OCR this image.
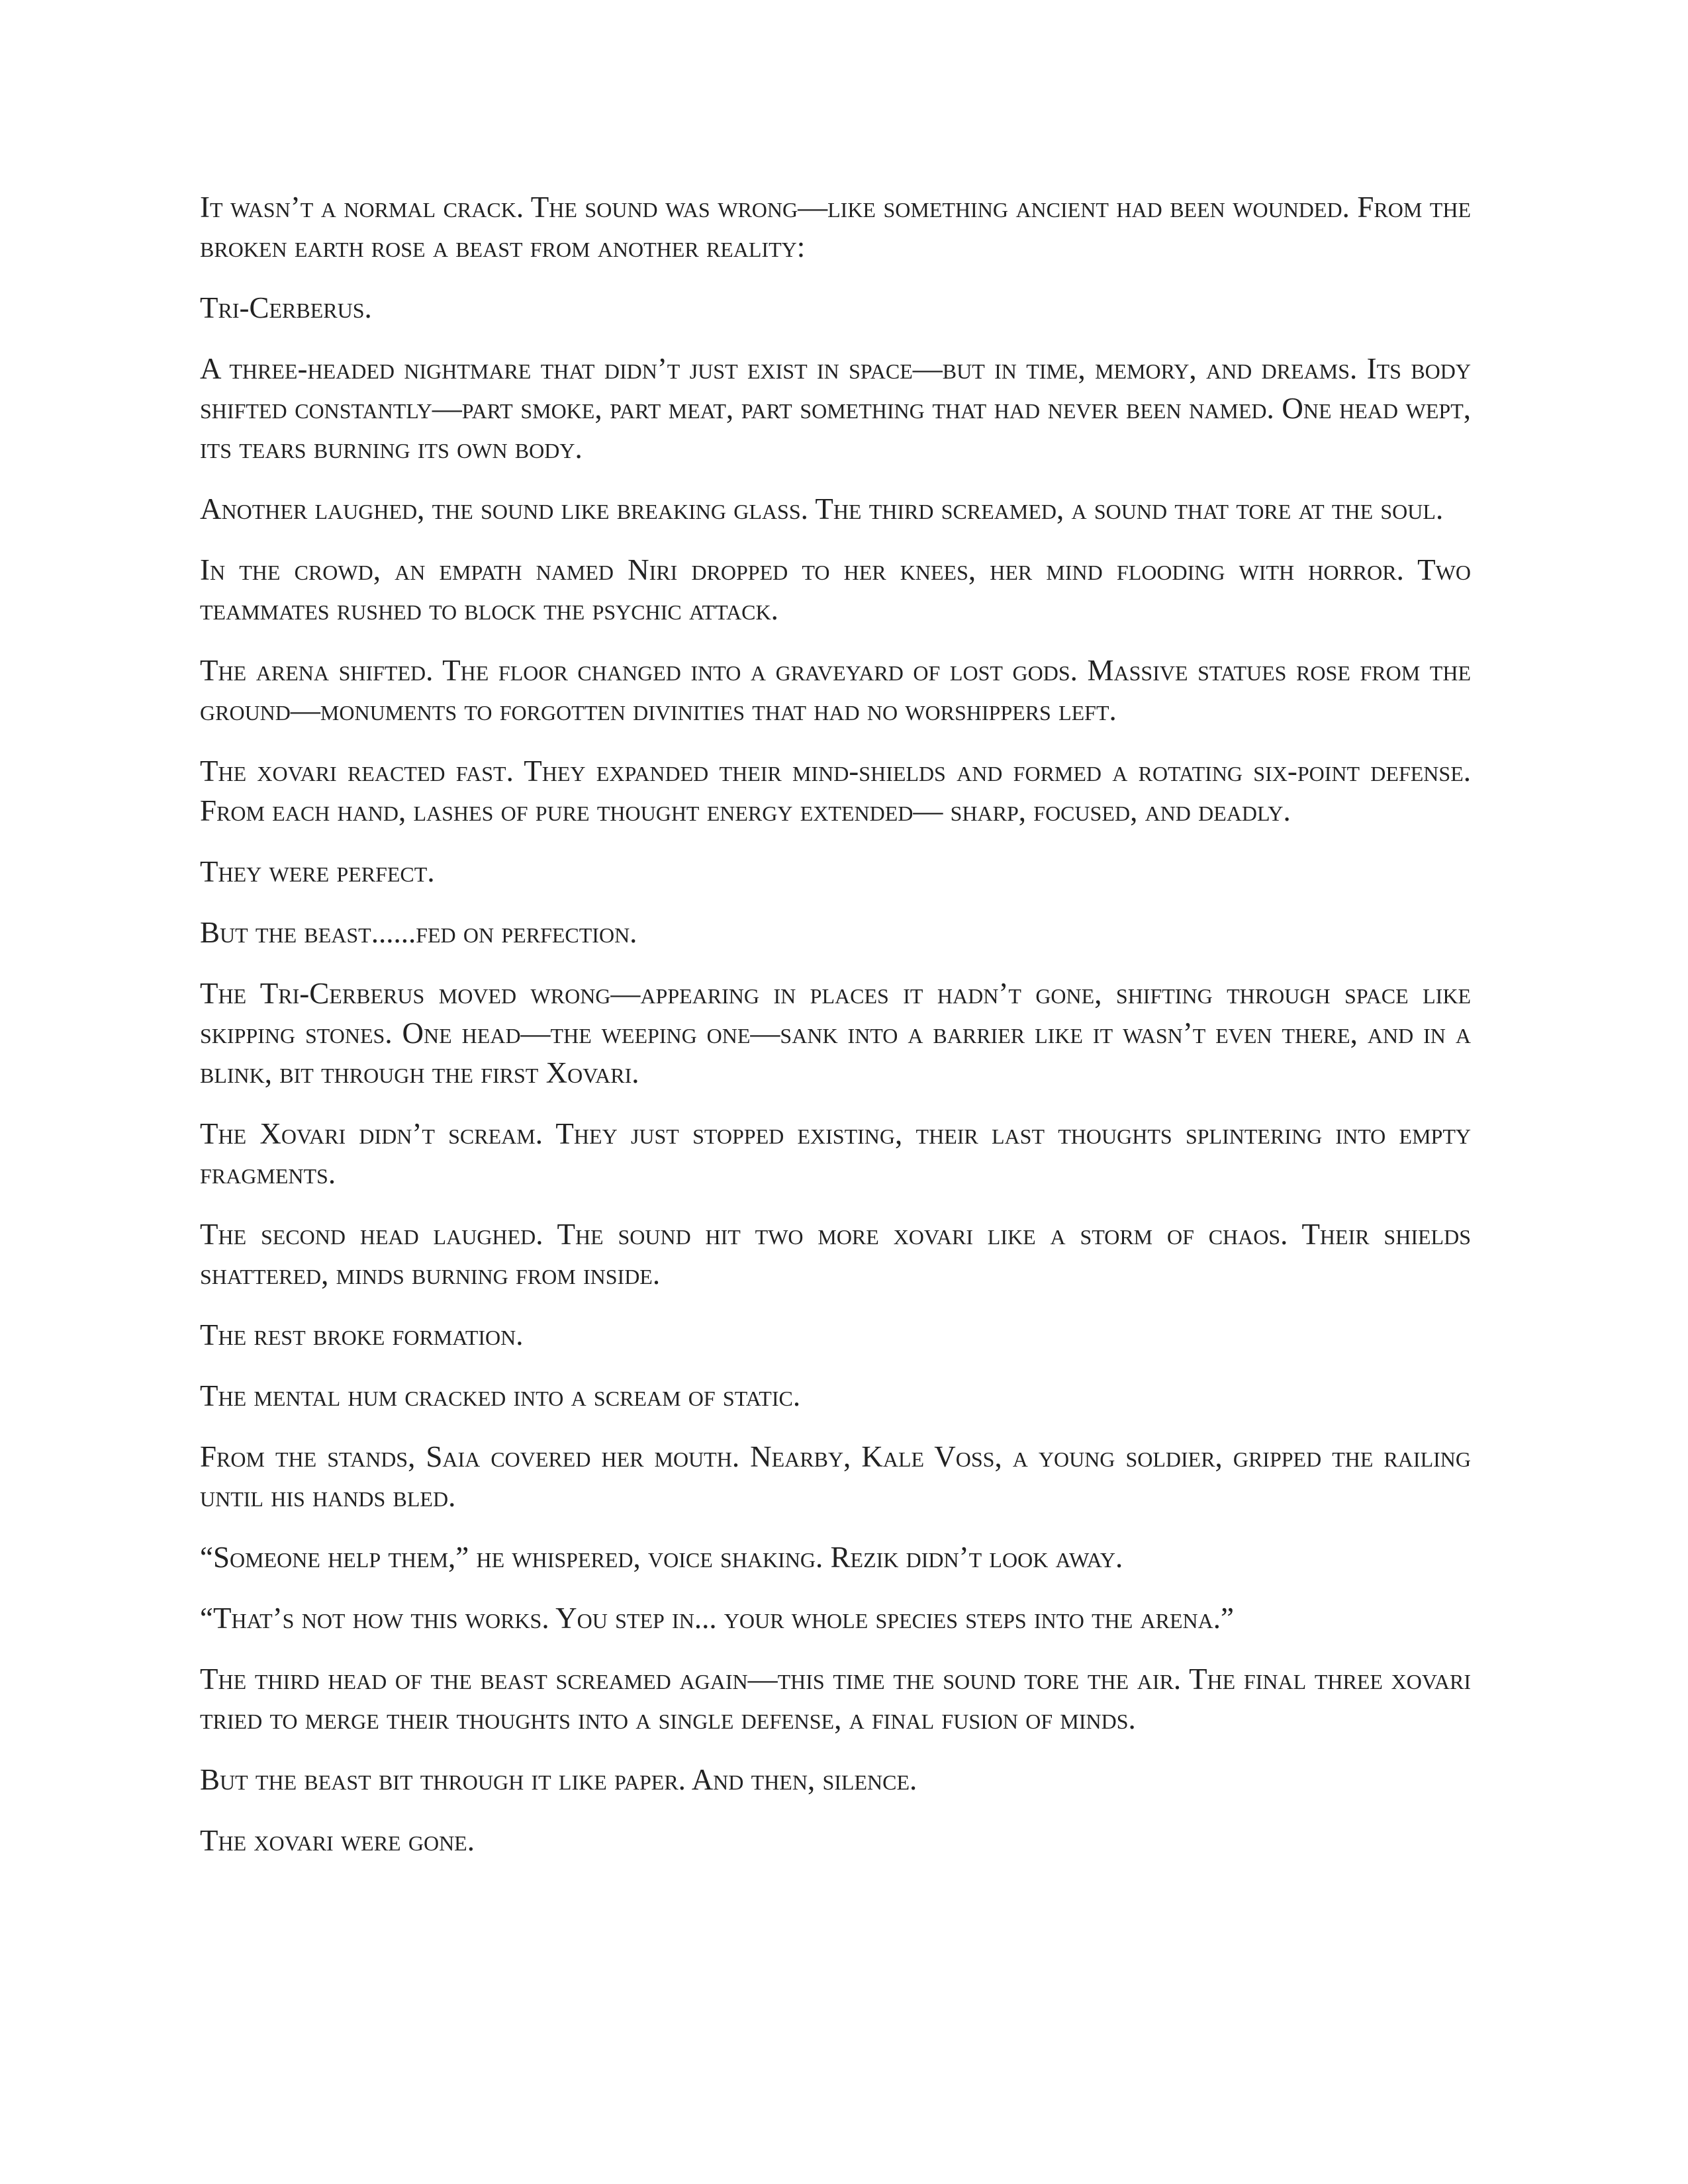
It wasn’t a normal crack. The sound was wrong—like something ancient had been wounded. From the broken earth rose a beast from another reality:

Tri-Cerberus.

A three-headed nightmare that didn’t just exist in space—but in time, memory, and dreams. Its body shifted constantly—part smoke, part meat, part something that had never been named. One head wept, its tears burning its own body.

Another laughed, the sound like breaking glass. The third screamed, a sound that tore at the soul.

In the crowd, an empath named Niri dropped to her knees, her mind flooding with horror. Two teammates rushed to block the psychic attack.

The arena shifted. The floor changed into a graveyard of lost gods. Massive statues rose from the ground—monuments to forgotten divinities that had no worshippers left.

The xovari reacted fast. They expanded their mind-shields and formed a rotating six-point defense. From each hand, lashes of pure thought energy extended— sharp, focused, and deadly.

They were perfect.

But the beast......fed on perfection.

The Tri-Cerberus moved wrong—appearing in places it hadn’t gone, shifting through space like skipping stones. One head—the weeping one—sank into a barrier like it wasn’t even there, and in a blink, bit through the first Xovari.

The Xovari didn’t scream. They just stopped existing, their last thoughts splintering into empty fragments.

The second head laughed. The sound hit two more xovari like a storm of chaos. Their shields shattered, minds burning from inside.

The rest broke formation.

The mental hum cracked into a scream of static.

From the stands, Saia covered her mouth. Nearby, Kale Voss, a young soldier, gripped the railing until his hands bled.

“Someone help them,” he whispered, voice shaking. Rezik didn’t look away.

“That’s not how this works. You step in... your whole species steps into the arena.”

The third head of the beast screamed again—this time the sound tore the air. The final three xovari tried to merge their thoughts into a single defense, a final fusion of minds.

But the beast bit through it like paper. And then, silence.

The xovari were gone.
